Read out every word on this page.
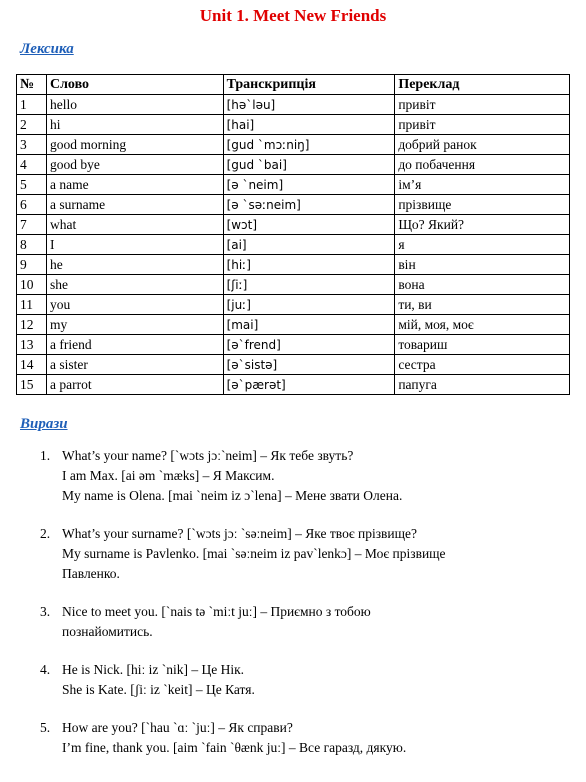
Unit 1. Meet New Friends
Лексика
№	Слово	Транскрипція	Переклад
1	hello	[hə`ləu]	привіт
2	hi	[hai]	привіт
3	good morning	[gud `mɔːniŋ]	добрий ранок
4	good bye	[gud `bai]	до побачення
5	a name	[ə `neim]	ім’я
6	a surname	[ə `səːneim]	прізвище
7	what	[wɔt]	Що? Який?
8	I	[ai]	я
9	he	[hiː]	він
10	she	[ʃiː]	вона
11	you	[juː]	ти, ви
12	my	[mai]	мій, моя, моє
13	a friend	[ə`frend]	товариш
14	a sister	[ə`sistə]	сестра
15	a parrot	[ə`pærət]	папуга
Вирази
1. What’s your name? [`wɔts jɔː`neim] – Як тебе звуть?
I am Max. [ai əm `mæks] – Я Максим.
My name is Olena. [mai `neim iz ɔ`lena] – Мене звати Олена.
2. What’s your surname? [`wɔts jɔː `səːneim] – Яке твоє прізвище?
My surname is Pavlenko. [mai `səːneim iz pav`lenkɔ] – Моє прізвище
Павленко.
3. Nice to meet you. [`nais tə `miːt juː] – Приємно з тобою
познайомитись.
4. He is Nick. [hiː iz `nik] – Це Нік.
She is Kate. [ʃiː iz `keit] – Це Катя.
5. How are you? [`hau `ɑː `juː] – Як справи?
I’m fine, thank you. [aim `fain `θænk juː] – Все гаразд, дякую.
